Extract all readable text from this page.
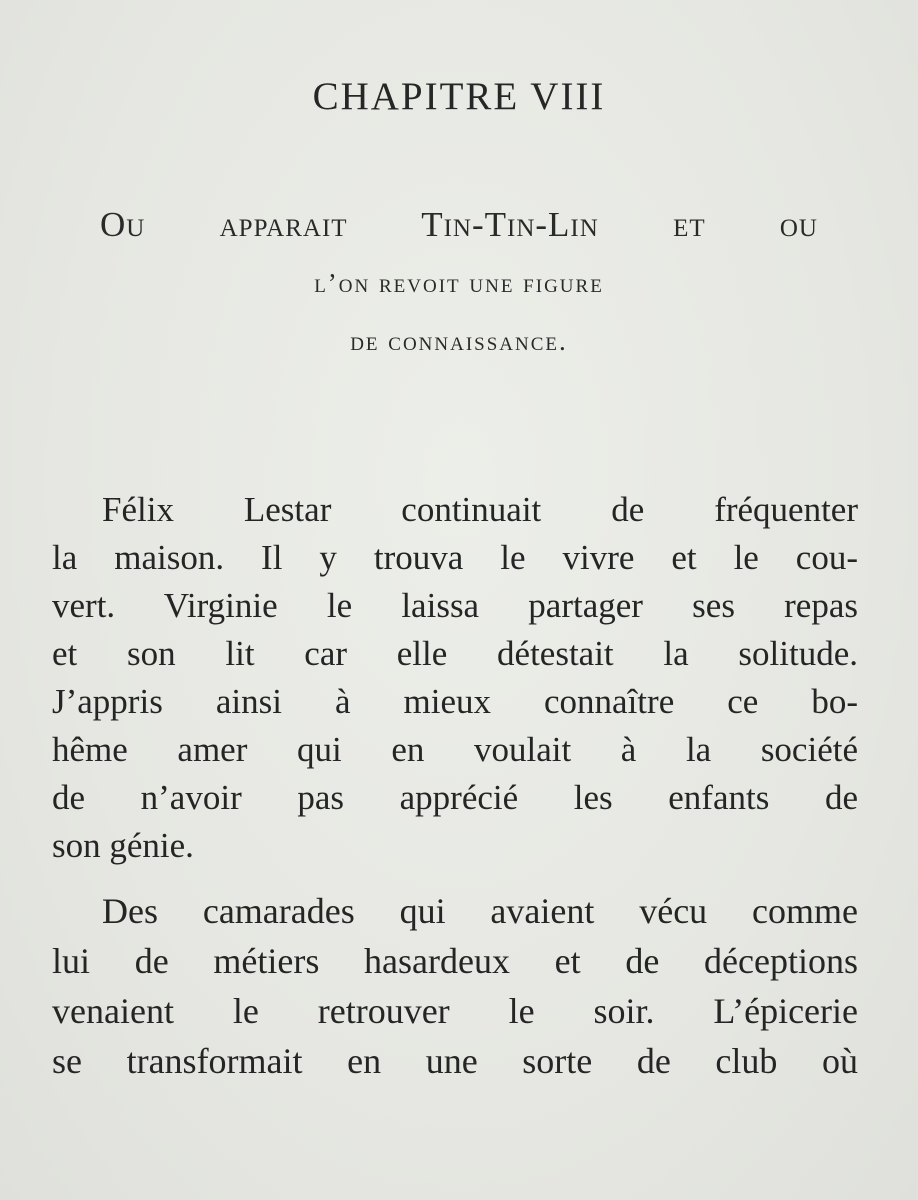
CHAPITRE VIII
Ou apparait Tin-Tin-Lin et ou
l’on revoit une figure
de connaissance.

Félix Lestar continuait de fréquenter
la maison. Il y trouva le vivre et le cou-
vert. Virginie le laissa partager ses repas
et son lit car elle détestait la solitude.
J’appris ainsi à mieux connaître ce bo-
hême amer qui en voulait à la société
de n’avoir pas apprécié les enfants de
son génie.

Des camarades qui avaient vécu comme
lui de métiers hasardeux et de déceptions
venaient le retrouver le soir. L’épicerie
se transformait en une sorte de club où
